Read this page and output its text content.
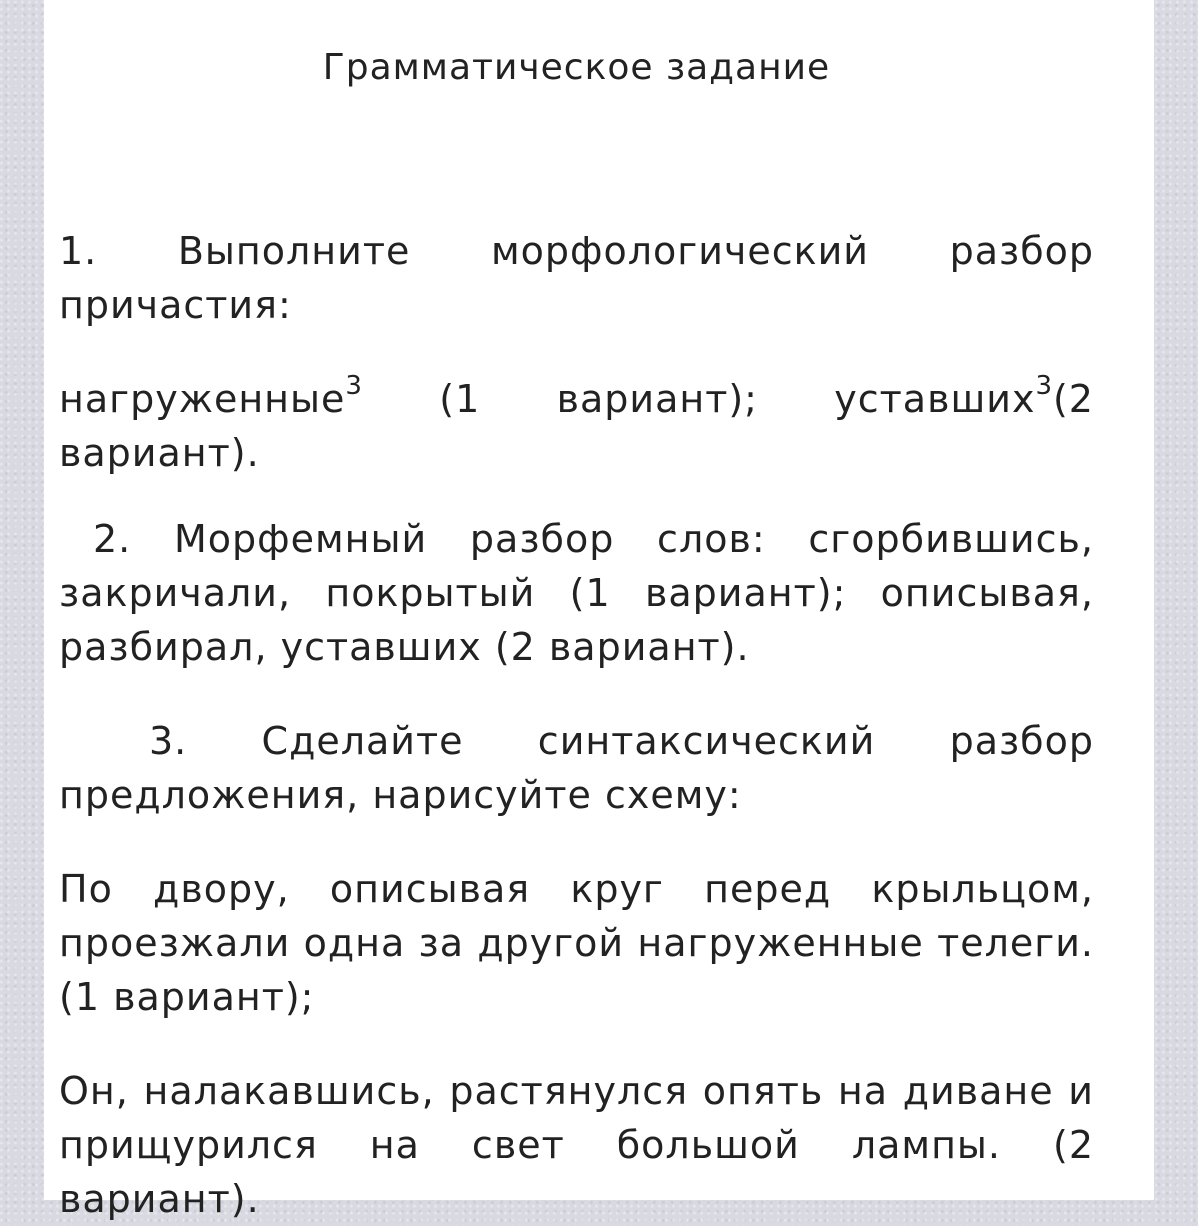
Грамматическое задание

1. Выполните морфологический разбор причастия:

нагруженные$^3$ (1 вариант); уставших$^3$(2 вариант).

2. Морфемный разбор слов: сгорбившись, закричали, покрытый (1 вариант); описывая, разбирал, уставших (2 вариант).

3. Сделайте синтаксический разбор предложения, нарисуйте схему:

По двору, описывая круг перед крыльцом, проезжали одна за другой нагруженные телеги. (1 вариант);

Он, налакавшись, растянулся опять на диване и прищурился на свет большой лампы. (2 вариант).
